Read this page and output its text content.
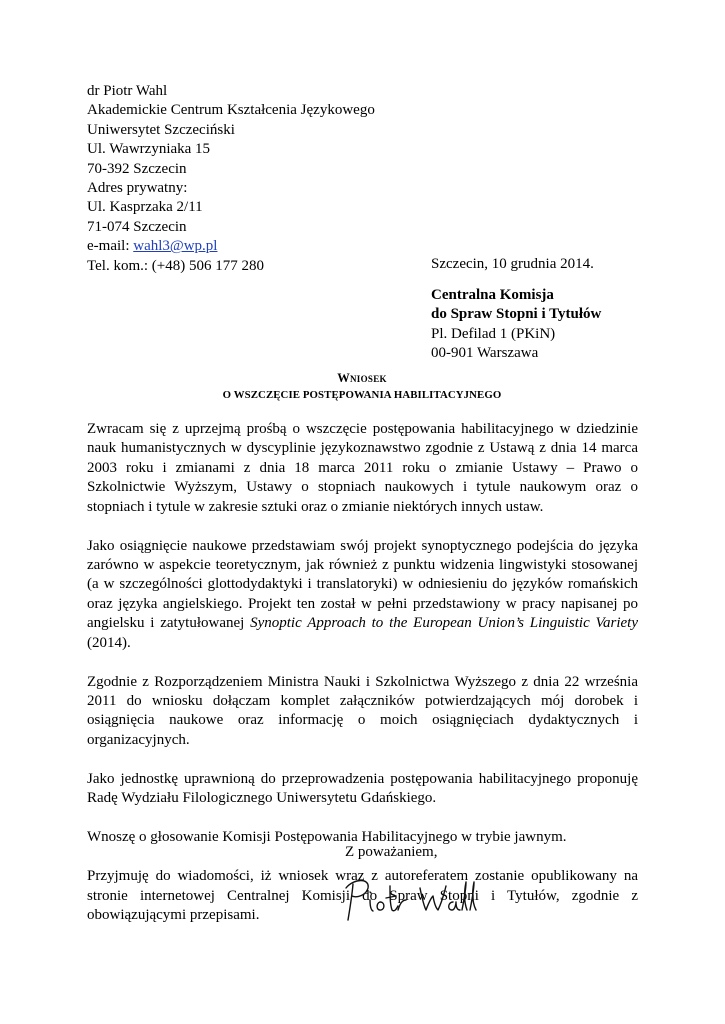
dr Piotr Wahl
Akademickie Centrum Kształcenia Językowego
Uniwersytet Szczeciński
Ul. Wawrzyniaka 15
70-392 Szczecin
Adres prywatny:
Ul. Kasprzaka 2/11
71-074 Szczecin
e-mail: wahl3@wp.pl
Tel. kom.: (+48) 506 177 280	Szczecin, 10 grudnia 2014.
Centralna Komisja
do Spraw Stopni i Tytułów
Pl. Defilad 1 (PKiN)
00-901 Warszawa
Wniosek
O WSZCZĘCIE POSTĘPOWANIA HABILITACYJNEGO

Zwracam się z uprzejmą prośbą o wszczęcie postępowania habilitacyjnego w dziedzinie nauk humanistycznych w dyscyplinie językoznawstwo zgodnie z Ustawą z dnia 14 marca 2003 roku i zmianami z dnia 18 marca 2011 roku o zmianie Ustawy – Prawo o Szkolnictwie Wyższym, Ustawy o stopniach naukowych i tytule naukowym oraz o stopniach i tytule w zakresie sztuki oraz o zmianie niektórych innych ustaw.

Jako osiągnięcie naukowe przedstawiam swój projekt synoptycznego podejścia do języka zarówno w aspekcie teoretycznym, jak również z punktu widzenia lingwistyki stosowanej (a w szczególności glottodydaktyki i translatoryki) w odniesieniu do języków romańskich oraz języka angielskiego. Projekt ten został w pełni przedstawiony w pracy napisanej po angielsku i zatytułowanej Synoptic Approach to the European Union’s Linguistic Variety (2014).

Zgodnie z Rozporządzeniem Ministra Nauki i Szkolnictwa Wyższego z dnia 22 września 2011 do wniosku dołączam komplet załączników potwierdzających mój dorobek i osiągnięcia naukowe oraz informację o moich osiągnięciach dydaktycznych i organizacyjnych.

Jako jednostkę uprawnioną do przeprowadzenia postępowania habilitacyjnego proponuję Radę Wydziału Filologicznego Uniwersytetu Gdańskiego.

Wnoszę o głosowanie Komisji Postępowania Habilitacyjnego w trybie jawnym.

Przyjmuję do wiadomości, iż wniosek wraz z autoreferatem zostanie opublikowany na stronie internetowej Centralnej Komisji do Spraw Stopni i Tytułów, zgodnie z obowiązującymi przepisami.

Z poważaniem,
